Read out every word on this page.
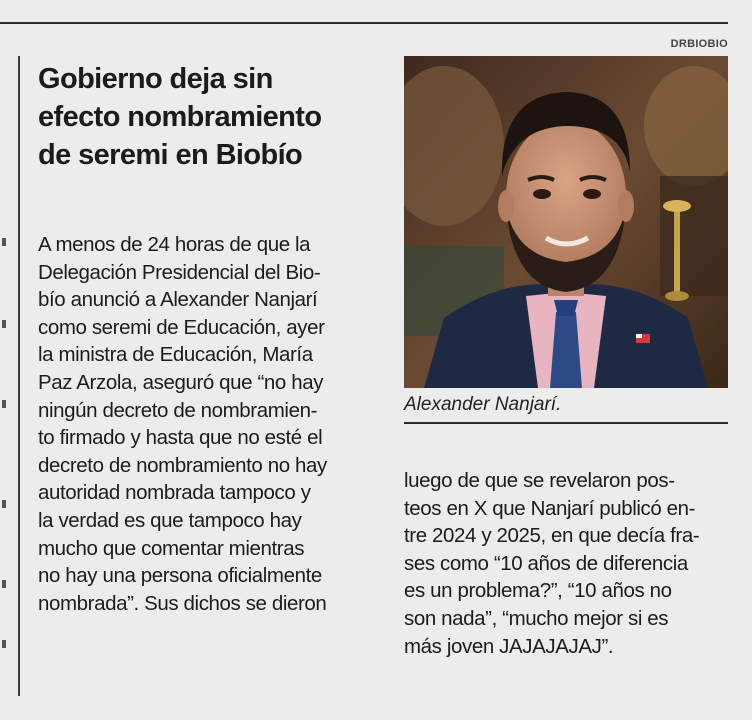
Gobierno deja sin
efecto nombramiento
de seremi en Biobío
A menos de 24 horas de que la
Delegación Presidencial del Bio-
bío anunció a Alexander Nanjarí
como seremi de Educación, ayer
la ministra de Educación, María
Paz Arzola, aseguró que “no hay
ningún decreto de nombramien-
to firmado y hasta que no esté el
decreto de nombramiento no hay
autoridad nombrada tampoco y
la verdad es que tampoco hay
mucho que comentar mientras
no hay una persona oficialmente
nombrada”. Sus dichos se dieron
DRBIOBIO
Alexander Nanjarí.
luego de que se revelaron pos-
teos en X que Nanjarí publicó en-
tre 2024 y 2025, en que decía fra-
ses como “10 años de diferencia
es un problema?”, “10 años no
son nada”, “mucho mejor si es
más joven JAJAJAJAJ”.
